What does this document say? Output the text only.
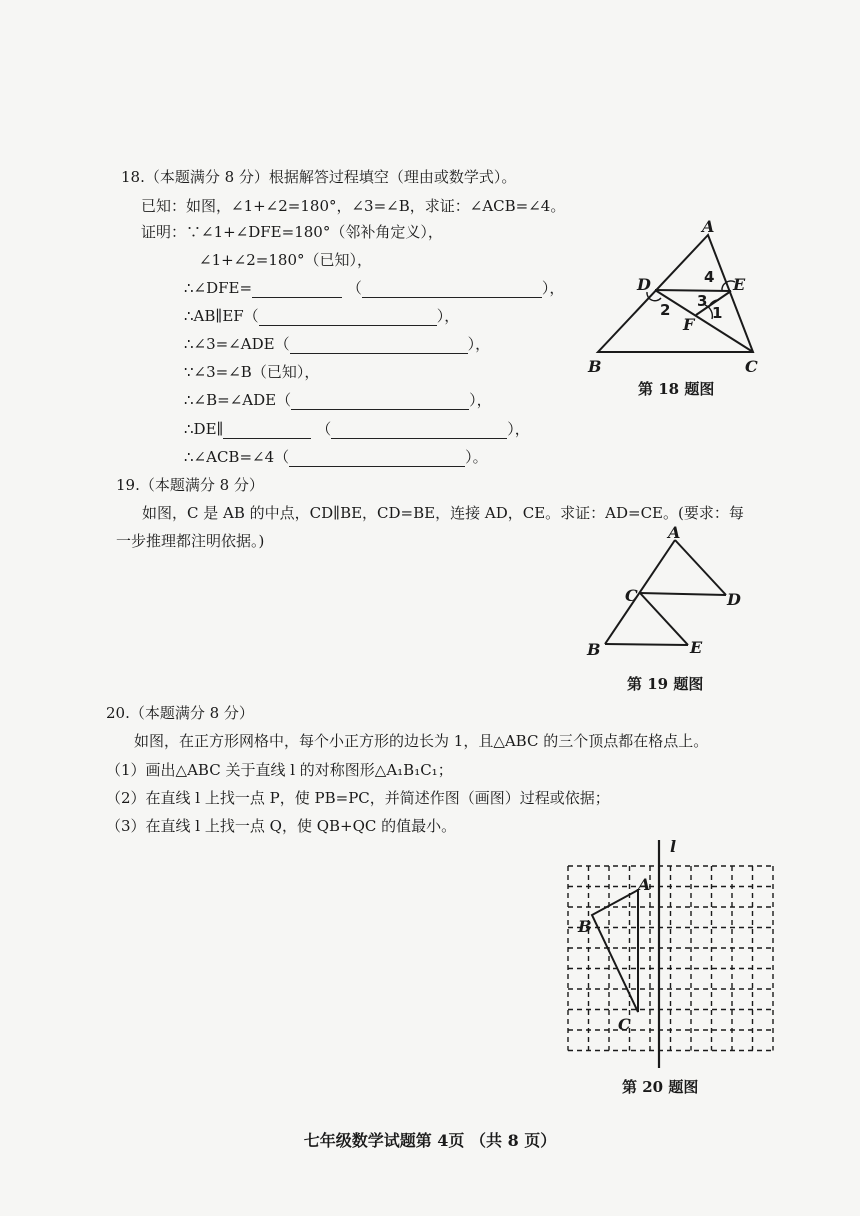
18.（本题满分 8 分）根据解答过程填空（理由或数学式）。
已知：如图，∠1+∠2=180°，∠3=∠B，求证：∠ACB=∠4。
证明：∵∠1+∠DFE=180°（邻补角定义），
∠1+∠2=180°（已知），
∴∠DFE=	（	），
∴AB∥EF（	），
∴∠3=∠ADE（	），
∵∠3=∠B（已知），
∴∠B=∠ADE（	），
∴DE∥	（	），
∴∠ACB=∠4（	）。
A
B	C
D	E
F
1
2 3
4
第 18 题图
19.（本题满分 8 分）
如图，C 是 AB 的中点，CD∥BE，CD=BE，连接 AD，CE。求证：AD=CE。(要求：每
一步推理都注明依据。)	A
B
C	D
E
第 19 题图
20.（本题满分 8 分）
如图，在正方形网格中，每个小正方形的边长为 1，且△ABC 的三个顶点都在格点上。
（1）画出△ABC 关于直线 l 的对称图形△A₁B₁C₁；
（2）在直线 l 上找一点 P，使 PB=PC，并简述作图（画图）过程或依据；
（3）在直线 l 上找一点 Q，使 QB+QC 的值最小。
l
A
B
C
第 20 题图
七年级数学试题第 4页 （共 8 页）
